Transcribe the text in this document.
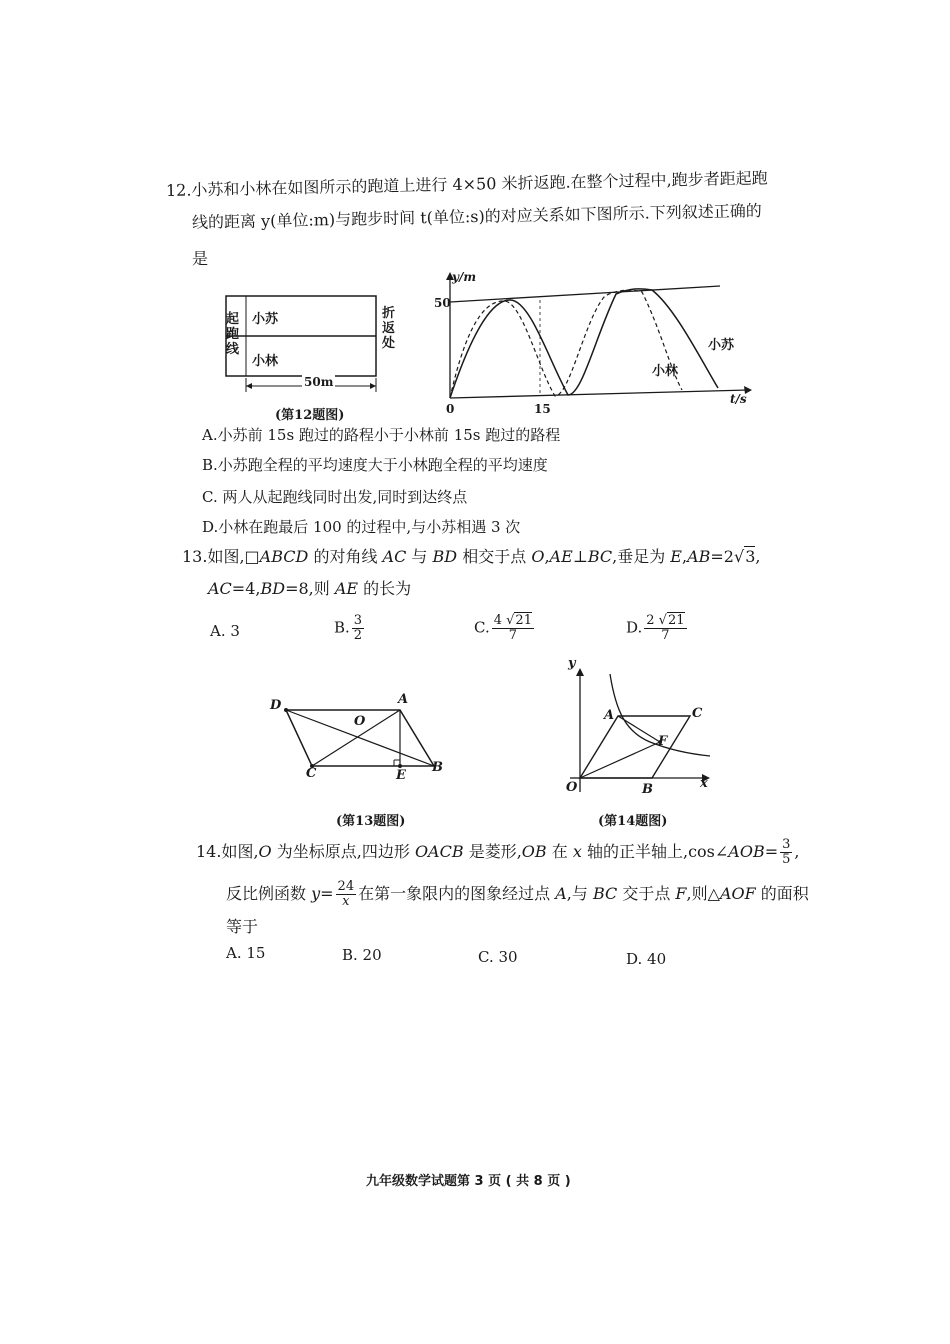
12.小苏和小林在如图所示的跑道上进行 4×50 米折返跑.在整个过程中,跑步者距起跑
线的距离 y(单位:m)与跑步时间 t(单位:s)的对应关系如下图所示.下列叙述正确的
是
起跑线
折返处
小苏
小林
50m
(第12题图)
y/m
t/s
50
15
0
小苏
小林
A.小苏前 15s 跑过的路程小于小林前 15s 跑过的路程
B.小苏跑全程的平均速度大于小林跑全程的平均速度
C. 两人从起跑线同时出发,同时到达终点
D.小林在跑最后 100 的过程中,与小苏相遇 3 次
13.如图,□ABCD 的对角线 AC 与 BD 相交于点 O,AE⊥BC,垂足为 E,AB=2√3,
AC=4,BD=8,则 AE 的长为
A. 3	B. $\frac{3}{2}$	C. $\frac{4 √21}{7}$	D. $\frac{2 √21}{7}$
D	A
O
C	E
B
(第13题图)
y
x
A	C
F
O	B
(第14题图)
14.如图,O 为坐标原点,四边形 OACB 是菱形,OB 在 x 轴的正半轴上,cos∠AOB= $\frac{3}{5}$ ,
反比例函数 $y= \frac{24}{x}$ 在第一象限内的图象经过点 A,与 BC 交于点 F,则△AOF 的面积
等于
A. 15	B. 20	C. 30	D. 40
九年级数学试题第 3 页 ( 共 8 页 )
